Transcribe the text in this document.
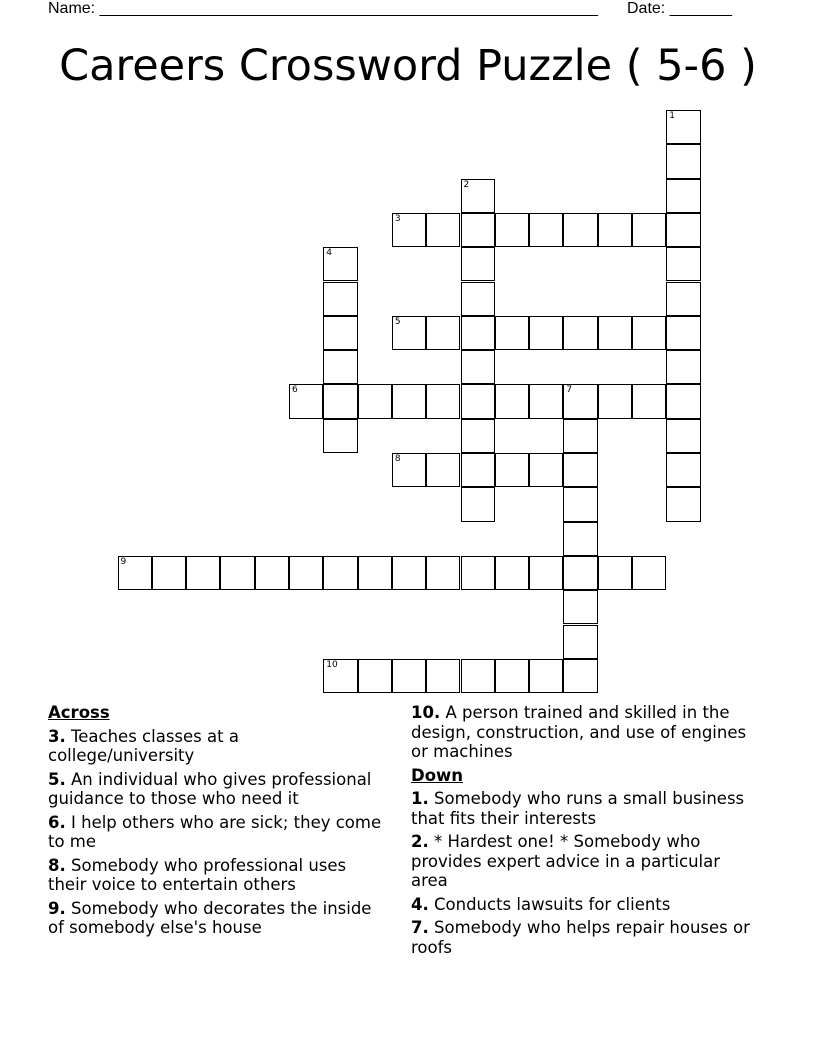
Name: ________________________________________________________ Date: _______
Careers Crossword Puzzle ( 5-6 )
1
2
3
4
5
6	7
8
9
10
Across
3. Teaches classes at a college/university
5. An individual who gives professional guidance to those who need it
6. I help others who are sick; they come to me
8. Somebody who professional uses their voice to entertain others
9. Somebody who decorates the inside of somebody else's house
10. A person trained and skilled in the design, construction, and use of engines or machines
Down
1. Somebody who runs a small business that fits their interests
2. * Hardest one! * Somebody who provides expert advice in a particular area
4. Conducts lawsuits for clients
7. Somebody who helps repair houses or roofs
